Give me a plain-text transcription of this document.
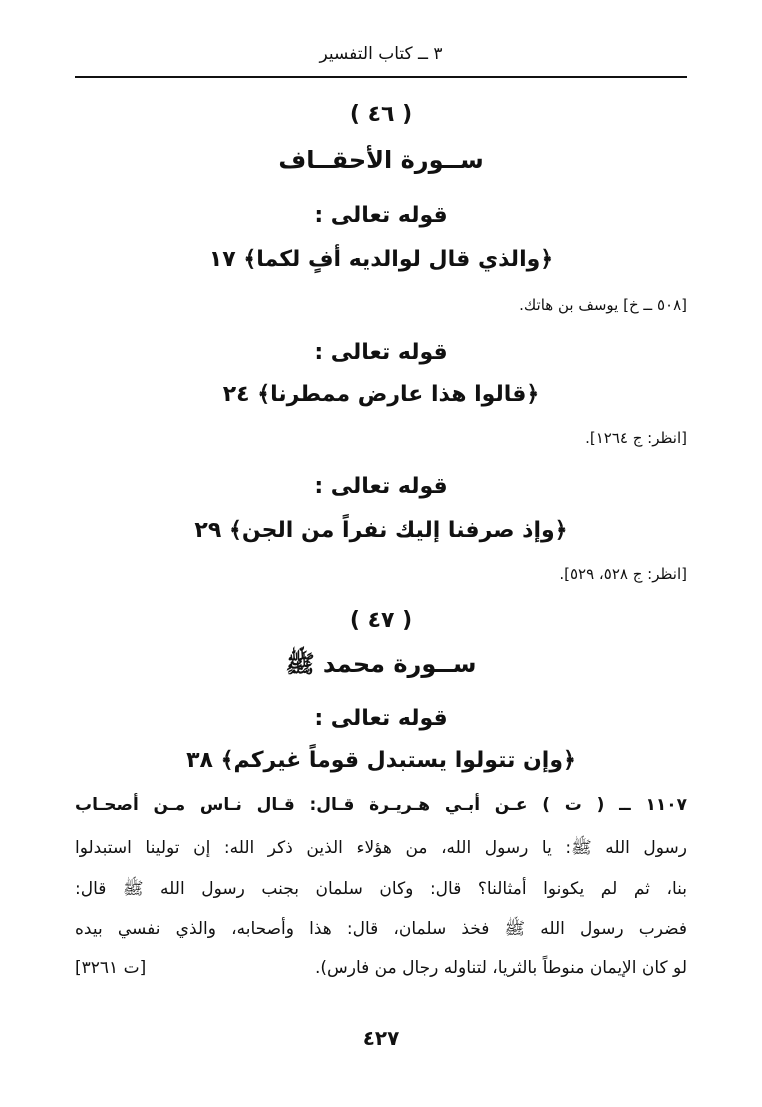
٣ ــ كتاب التفسير
( ٤٦ )
ســورة الأحقــاف
قوله تعالى :
﴿والذي قال لوالديه أفٍ لكما﴾ ١٧
[٥٠٨ ــ خ] يوسف بن هاتك.
قوله تعالى :
﴿قالوا هذا عارض ممطرنا﴾ ٢٤
[انظر: ج ١٢٦٤].
قوله تعالى :
﴿وإذ صرفنا إليك نفراً من الجن﴾ ٢٩
[انظر: ج ٥٢٨، ٥٢٩].
( ٤٧ )
ســورة محمد ﷺ
قوله تعالى :
﴿وإن تتولوا يستبدل قوماً غيركم﴾ ٣٨
١١٠٧ ــ ( ت ) عـن أبـي هـريـرة قـال: قـال نـاس مـن أصحـاب
رسول الله ﷺ: يا رسول الله، من هؤلاء الذين ذكر الله: إن تولينا استبدلوا
بنا، ثم لم يكونوا أمثالنا؟ قال: وكان سلمان بجنب رسول الله ﷺ قال:
فضرب رسول الله ﷺ فخذ سلمان، قال: هذا وأصحابه، والذي نفسي بيده
لو كان الإيمان منوطاً بالثريا، لتناوله رجال من فارس).
[ت ٣٢٦١]
٤٢٧
